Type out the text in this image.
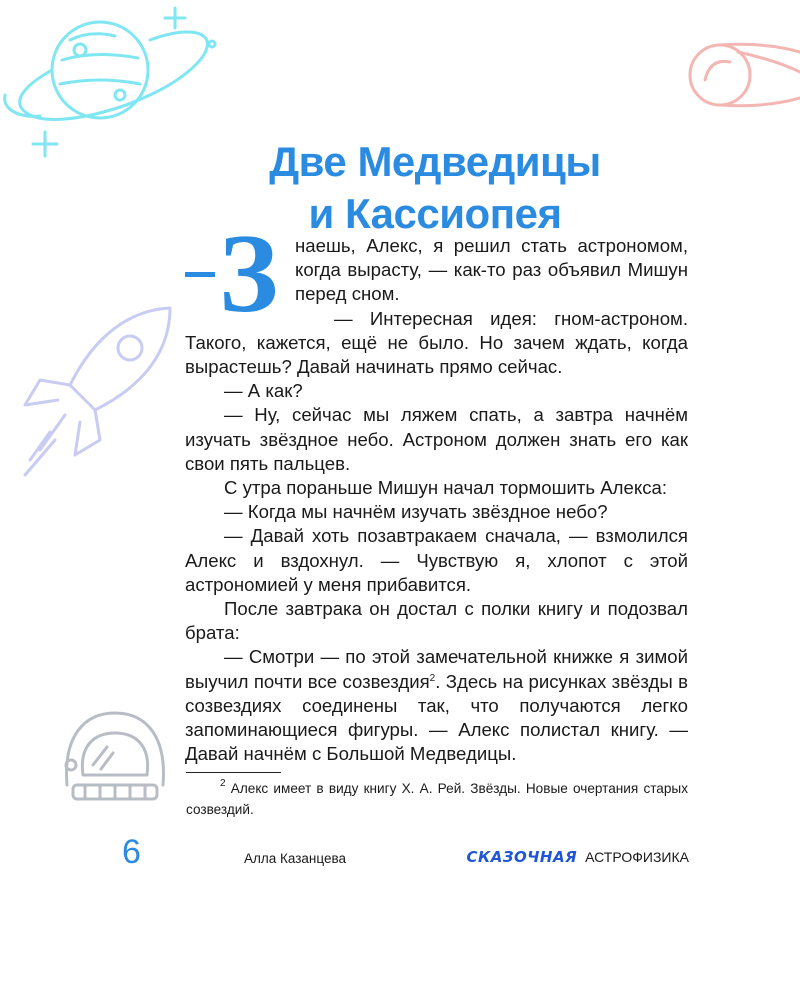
Две Медведицы
и Кассиопея
З наешь, Алекс, я решил стать астрономом, когда вырасту, — как-то раз объявил Мишун перед сном.

— Интересная идея: гном-астроном. Такого, кажется, ещё не было. Но зачем ждать, когда вырастешь? Давай начинать прямо сейчас.

— А как?

— Ну, сейчас мы ляжем спать, а завтра начнём изучать звёздное небо. Астроном должен знать его как свои пять пальцев.

С утра пораньше Мишун начал тормошить Алекса:

— Когда мы начнём изучать звёздное небо?

— Давай хоть позавтракаем сначала, — взмолился Алекс и вздохнул. — Чувствую я, хлопот с этой астрономией у меня прибавится.

После завтрака он достал с полки книгу и подозвал брата:

— Смотри — по этой замечательной книжке я зимой выучил почти все созвездия$^2$. Здесь на рисунках звёзды в созвездиях соединены так, что получаются легко запоминающиеся фигуры. — Алекс полистал книгу. — Давай начнём с Большой Медведицы.

$^2$ Алекс имеет в виду книгу Х. А. Рей. Звёзды. Новые очертания старых созвездий.

6	Алла Казанцева	СКАЗОЧНАЯ АСТРОФИЗИКА
